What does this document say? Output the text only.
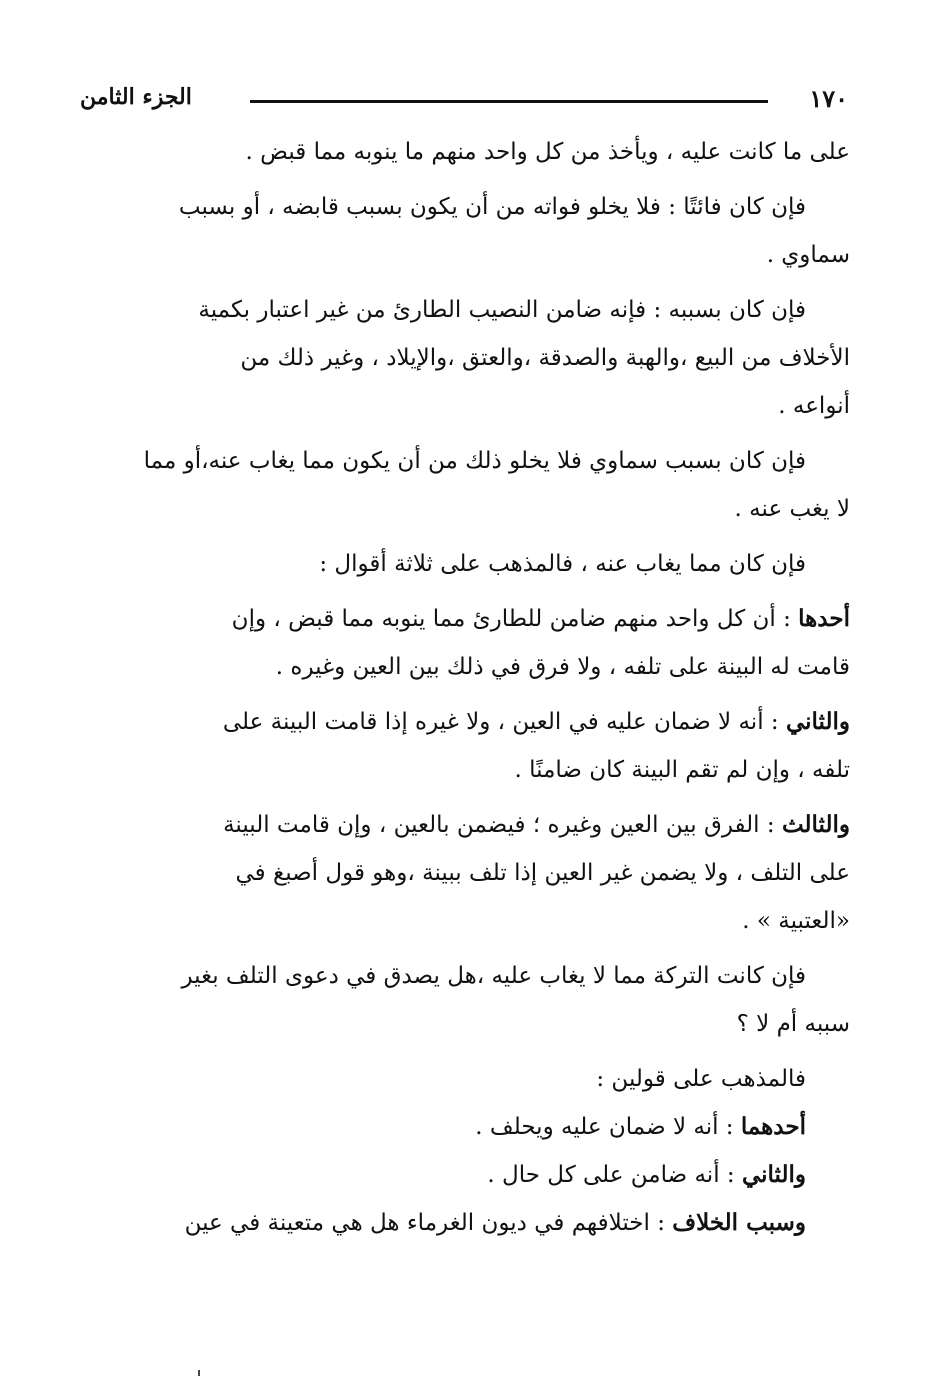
١٧٠
الجزء الثامن
على ما كانت عليه ، ويأخذ من كل واحد منهم ما ينوبه مما قبض .
فإن كان فائتًا : فلا يخلو فواته من أن يكون بسبب قابضه ، أو بسبب
سماوي .
فإن كان بسببه : فإنه ضامن النصيب الطارئ من غير اعتبار بكمية
الأخلاف من البيع ،والهبة والصدقة ،والعتق ،والإيلاد ، وغير ذلك من
أنواعه .
فإن كان بسبب سماوي فلا يخلو ذلك من أن يكون مما يغاب عنه،أو مما
لا يغب عنه .
فإن كان مما يغاب عنه ، فالمذهب على ثلاثة أقوال :
أحدها : أن كل واحد منهم ضامن للطارئ مما ينوبه مما قبض ، وإن
قامت له البينة على تلفه ، ولا فرق في ذلك بين العين وغيره .
والثاني : أنه لا ضمان عليه في العين ، ولا غيره إذا قامت البينة على
تلفه ، وإن لم تقم البينة كان ضامنًا .
والثالث : الفرق بين العين وغيره ؛ فيضمن بالعين ، وإن قامت البينة
على التلف ، ولا يضمن غير العين إذا تلف ببينة ،وهو قول أصبغ في
«العتبية » .
فإن كانت التركة مما لا يغاب عليه ،هل يصدق في دعوى التلف بغير
سببه أم لا ؟
فالمذهب على قولين :
أحدهما : أنه لا ضمان عليه ويحلف .
والثاني : أنه ضامن على كل حال .
وسبب الخلاف : اختلافهم في ديون الغرماء هل هي متعينة في عين
